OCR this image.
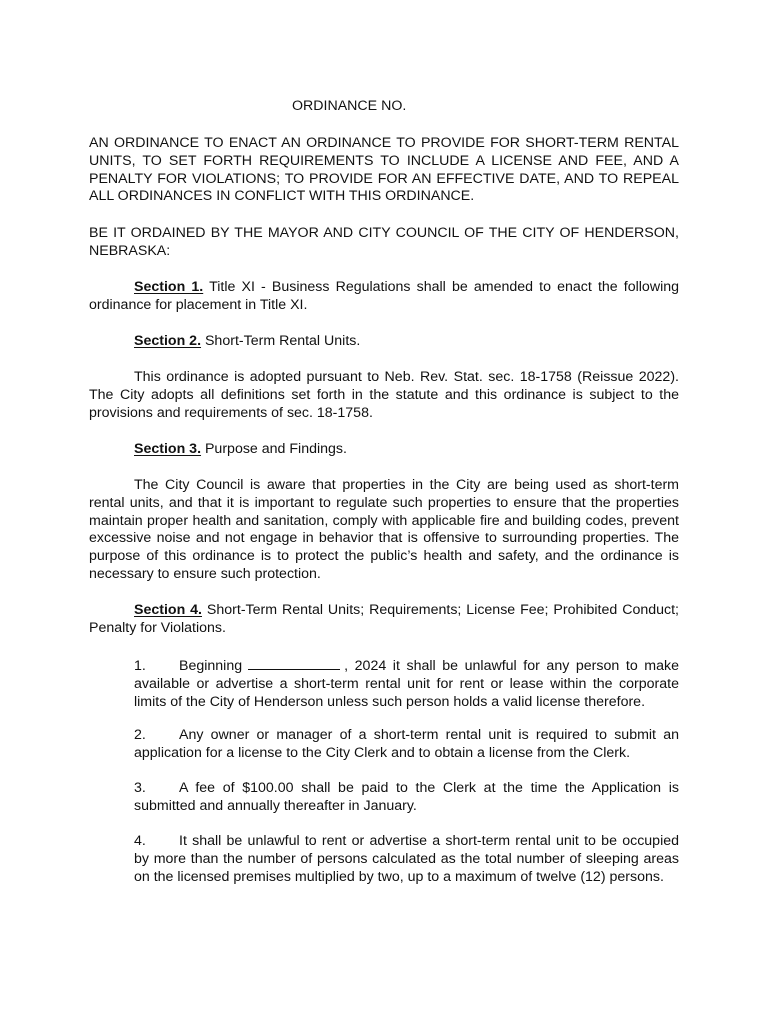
ORDINANCE NO.
AN ORDINANCE TO ENACT AN ORDINANCE TO PROVIDE FOR SHORT-TERM RENTAL UNITS, TO SET FORTH REQUIREMENTS TO INCLUDE A LICENSE AND FEE, AND A PENALTY FOR VIOLATIONS; TO PROVIDE FOR AN EFFECTIVE DATE, AND TO REPEAL ALL ORDINANCES IN CONFLICT WITH THIS ORDINANCE.
BE IT ORDAINED BY THE MAYOR AND CITY COUNCIL OF THE CITY OF HENDERSON, NEBRASKA:
Section 1. Title XI - Business Regulations shall be amended to enact the following ordinance for placement in Title XI.
Section 2. Short-Term Rental Units.
This ordinance is adopted pursuant to Neb. Rev. Stat. sec. 18-1758 (Reissue 2022). The City adopts all definitions set forth in the statute and this ordinance is subject to the provisions and requirements of sec. 18-1758.
Section 3. Purpose and Findings.
The City Council is aware that properties in the City are being used as short-term rental units, and that it is important to regulate such properties to ensure that the properties maintain proper health and sanitation, comply with applicable fire and building codes, prevent excessive noise and not engage in behavior that is offensive to surrounding properties. The purpose of this ordinance is to protect the public’s health and safety, and the ordinance is necessary to ensure such protection.
Section 4. Short-Term Rental Units; Requirements; License Fee; Prohibited Conduct; Penalty for Violations.
1. Beginning	, 2024 it shall be unlawful for any person to make available or advertise a short-term rental unit for rent or lease within the corporate limits of the City of Henderson unless such person holds a valid license therefore.
2. Any owner or manager of a short-term rental unit is required to submit an application for a license to the City Clerk and to obtain a license from the Clerk.
3. A fee of $100.00 shall be paid to the Clerk at the time the Application is submitted and annually thereafter in January.
4. It shall be unlawful to rent or advertise a short-term rental unit to be occupied by more than the number of persons calculated as the total number of sleeping areas on the licensed premises multiplied by two, up to a maximum of twelve (12) persons.
